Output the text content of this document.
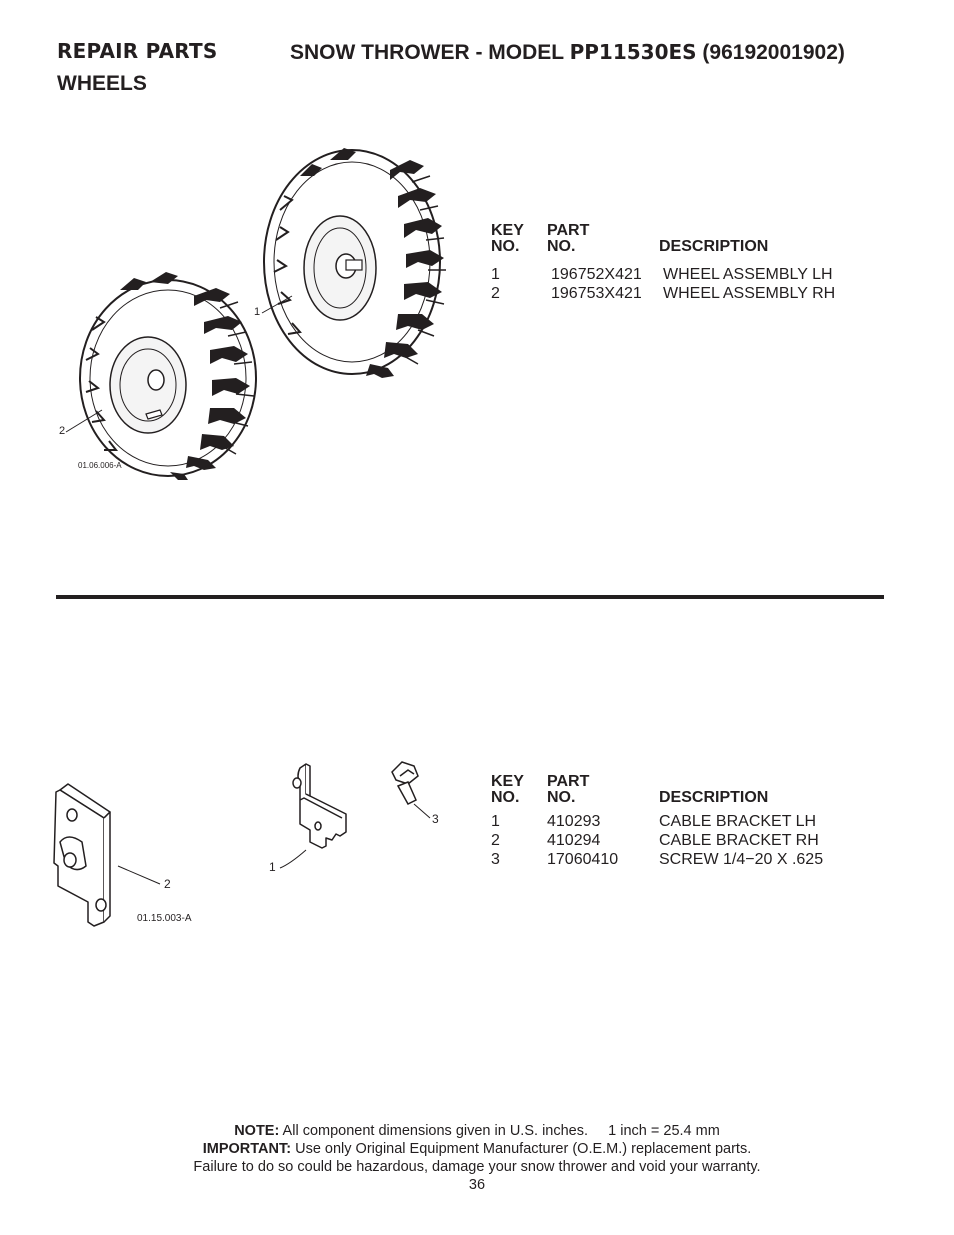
REPAIR PARTS	SNOW THROWER - MODEL PP11530ES (96192001902)
WHEELS
1
2
01.06.006-A
KEY
NO.
PART
NO.	DESCRIPTION
1	196752X421 WHEEL ASSEMBLY LH
2	196753X421 WHEEL ASSEMBLY RH
3
1
2
01.15.003-A
KEY
NO.
PART
NO.	DESCRIPTION
1	410293	CABLE BRACKET LH
2	410294	CABLE BRACKET RH
3	17060410	SCREW 1/4−20 X .625
NOTE: All component dimensions given in U.S. inches. 1 inch = 25.4 mm
IMPORTANT: Use only Original Equipment Manufacturer (O.E.M.) replacement parts.
Failure to do so could be hazardous, damage your snow thrower and void your warranty.
36
